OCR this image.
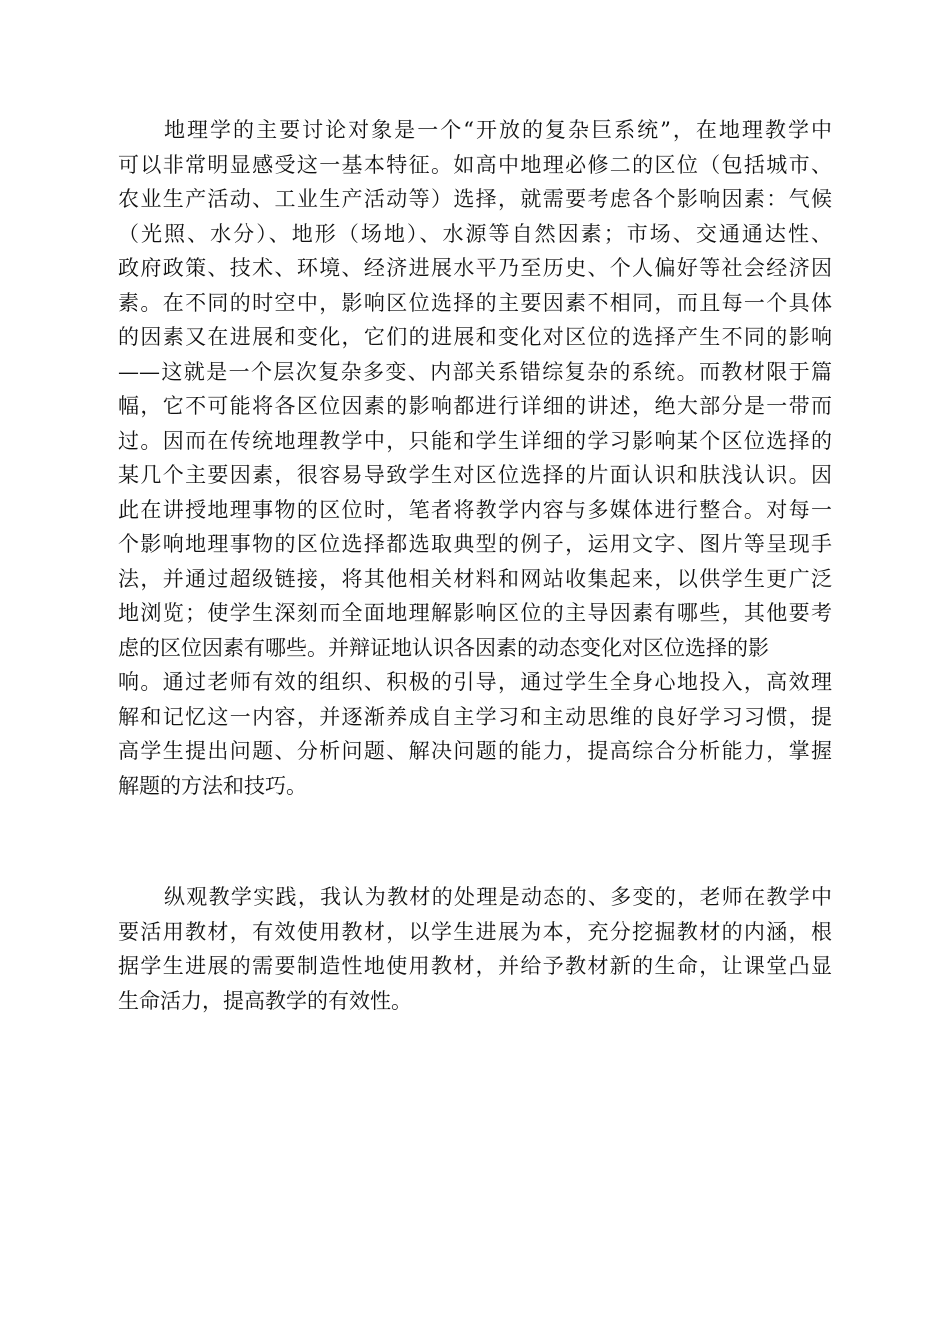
地理学的主要讨论对象是一个“开放的复杂巨系统”，在地理教学中
可以非常明显感受这一基本特征。如高中地理必修二的区位（包括城市、
农业生产活动、工业生产活动等）选择，就需要考虑各个影响因素：气候
（光照、水分）、地形（场地）、水源等自然因素；市场、交通通达性、
政府政策、技术、环境、经济进展水平乃至历史、个人偏好等社会经济因
素。在不同的时空中，影响区位选择的主要因素不相同，而且每一个具体
的因素又在进展和变化，它们的进展和变化对区位的选择产生不同的影响
——这就是一个层次复杂多变、内部关系错综复杂的系统。而教材限于篇
幅，它不可能将各区位因素的影响都进行详细的讲述，绝大部分是一带而
过。因而在传统地理教学中，只能和学生详细的学习影响某个区位选择的
某几个主要因素，很容易导致学生对区位选择的片面认识和肤浅认识。因
此在讲授地理事物的区位时，笔者将教学内容与多媒体进行整合。对每一
个影响地理事物的区位选择都选取典型的例子，运用文字、图片等呈现手
法，并通过超级链接，将其他相关材料和网站收集起来，以供学生更广泛
地浏览；使学生深刻而全面地理解影响区位的主导因素有哪些，其他要考
虑的区位因素有哪些。并辩证地认识各因素的动态变化对区位选择的影
响。通过老师有效的组织、积极的引导，通过学生全身心地投入，高效理
解和记忆这一内容，并逐渐养成自主学习和主动思维的良好学习习惯，提
高学生提出问题、分析问题、解决问题的能力，提高综合分析能力，掌握
解题的方法和技巧。
纵观教学实践，我认为教材的处理是动态的、多变的，老师在教学中
要活用教材，有效使用教材，以学生进展为本，充分挖掘教材的内涵，根
据学生进展的需要制造性地使用教材，并给予教材新的生命，让课堂凸显
生命活力，提高教学的有效性。
